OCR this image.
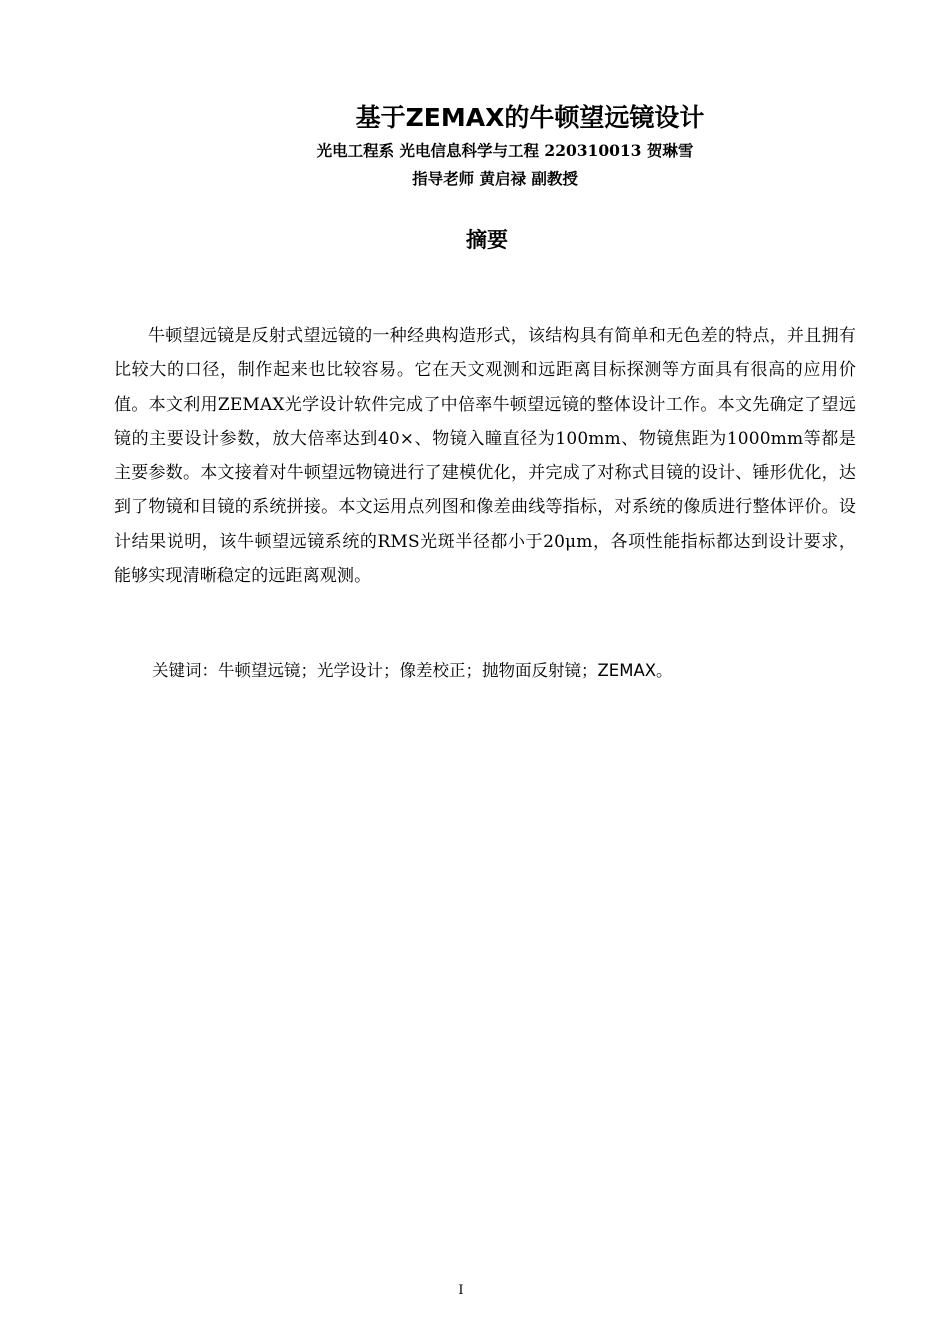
基于ZEMAX的牛顿望远镜设计

光电工程系 光电信息科学与工程 220310013 贺琳雪

指导老师 黄启禄 副教授

摘要

牛顿望远镜是反射式望远镜的一种经典构造形式，该结构具有简单和无色差的特点，并且拥有比较大的口径，制作起来也比较容易。它在天文观测和远距离目标探测等方面具有很高的应用价值。本文利用ZEMAX光学设计软件完成了中倍率牛顿望远镜的整体设计工作。本文先确定了望远镜的主要设计参数，放大倍率达到40×、物镜入瞳直径为100mm、物镜焦距为1000mm等都是主要参数。本文接着对牛顿望远物镜进行了建模优化，并完成了对称式目镜的设计、锤形优化，达到了物镜和目镜的系统拼接。本文运用点列图和像差曲线等指标，对系统的像质进行整体评价。设计结果说明，该牛顿望远镜系统的RMS光斑半径都小于20μm，各项性能指标都达到设计要求，能够实现清晰稳定的远距离观测。

关键词：牛顿望远镜；光学设计；像差校正；抛物面反射镜；ZEMAX。

I
